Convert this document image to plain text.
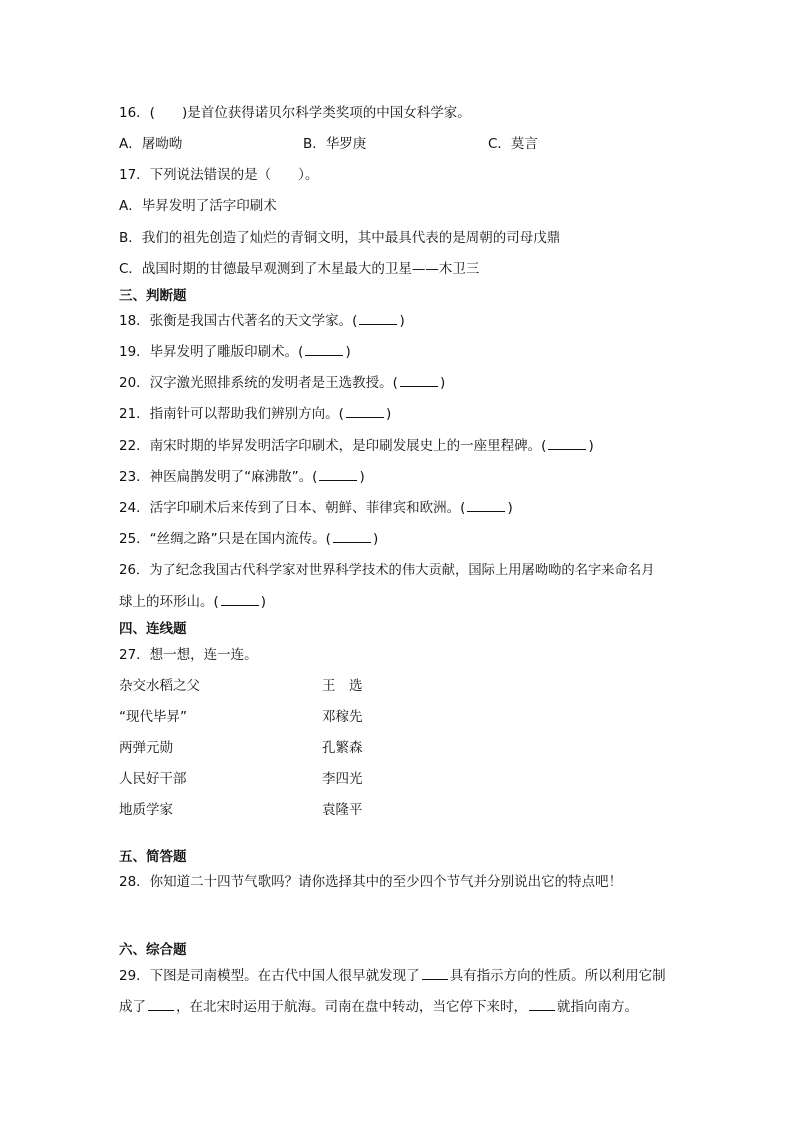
16．(　　)是首位获得诺贝尔科学类奖项的中国女科学家。
A．屠呦呦	B．华罗庚	C．莫言
17．下列说法错误的是（　　）。
A．毕昇发明了活字印刷术
B．我们的祖先创造了灿烂的青铜文明，其中最具代表的是周朝的司母戊鼎
C．战国时期的甘德最早观测到了木星最大的卫星——木卫三
三、判断题
18．张衡是我国古代著名的天文学家。(	)
19．毕昇发明了雕版印刷术。(	)
20．汉字激光照排系统的发明者是王选教授。(	)
21．指南针可以帮助我们辨别方向。(	)
22．南宋时期的毕昇发明活字印刷术，是印刷发展史上的一座里程碑。(	)
23．神医扁鹊发明了“麻沸散”。(	)
24．活字印刷术后来传到了日本、朝鲜、菲律宾和欧洲。(	)
25．“丝绸之路”只是在国内流传。(	)
26．为了纪念我国古代科学家对世界科学技术的伟大贡献，国际上用屠呦呦的名字来命名月
球上的环形山。(	)
四、连线题
27．想一想，连一连。
杂交水稻之父	王　选
“现代毕昇”	邓稼先
两弹元勋	孔繁森
人民好干部	李四光
地质学家	袁隆平
五、简答题
28．你知道二十四节气歌吗？请你选择其中的至少四个节气并分别说出它的特点吧！
六、综合题
29．下图是司南模型。在古代中国人很早就发现了 具有指示方向的性质。所以利用它制
成了 ，在北宋时运用于航海。司南在盘中转动，当它停下来时， 就指向南方。
